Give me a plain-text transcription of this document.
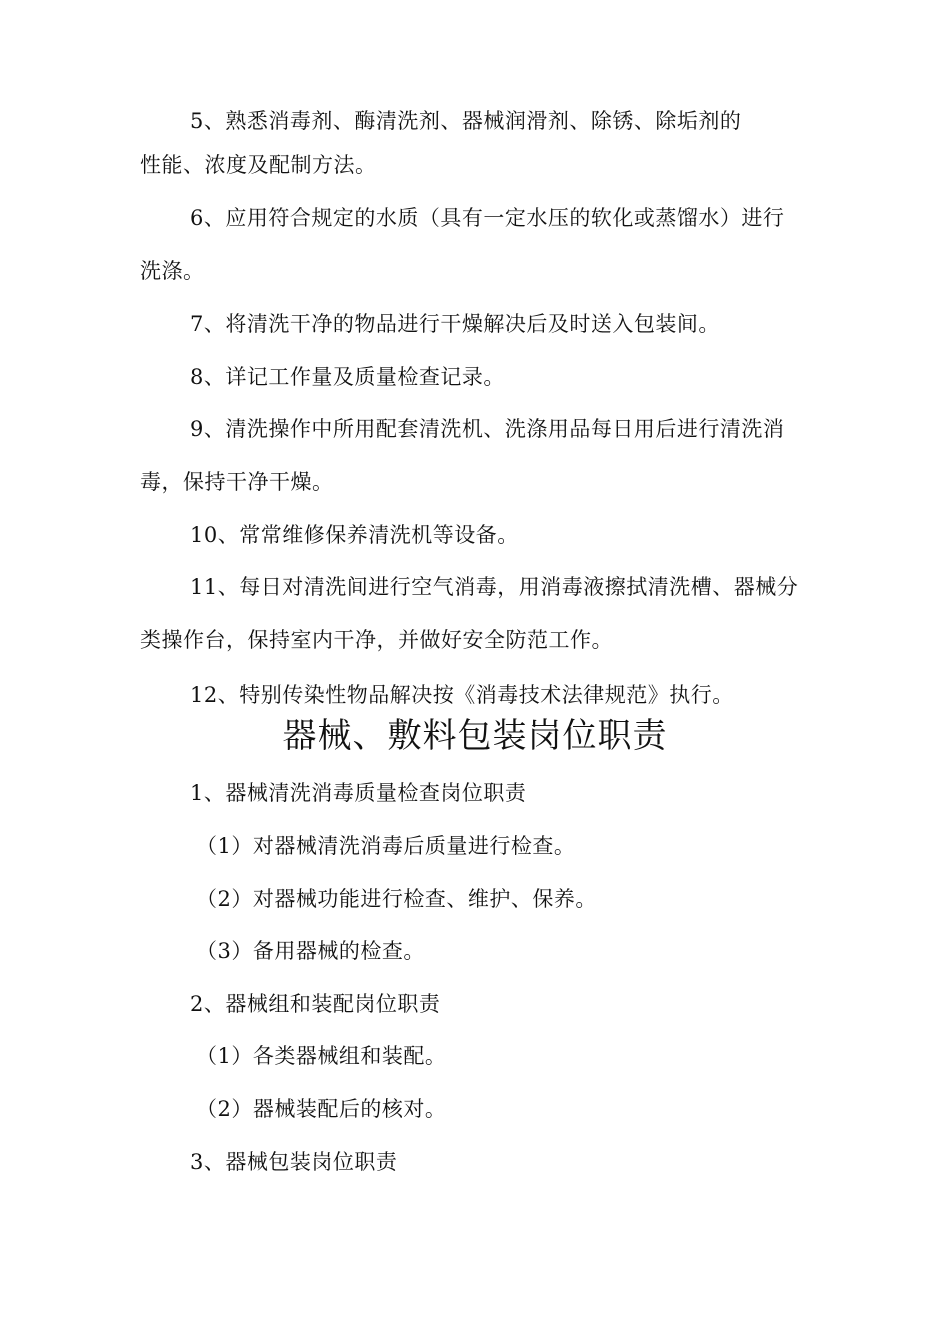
5、熟悉消毒剂、酶清洗剂、器械润滑剂、除锈、除垢剂的
性能、浓度及配制方法。
6、应用符合规定的水质（具有一定水压的软化或蒸馏水）进行
洗涤。
7、将清洗干净的物品进行干燥解决后及时送入包装间。
8、详记工作量及质量检查记录。
9、清洗操作中所用配套清洗机、洗涤用品每日用后进行清洗消
毒，保持干净干燥。
10、常常维修保养清洗机等设备。
11、每日对清洗间进行空气消毒，用消毒液擦拭清洗槽、器械分
类操作台，保持室内干净，并做好安全防范工作。
12、特别传染性物品解决按《消毒技术法律规范》执行。
器械、敷料包装岗位职责
1、器械清洗消毒质量检查岗位职责
（1）对器械清洗消毒后质量进行检查。
（2）对器械功能进行检查、维护、保养。
（3）备用器械的检查。
2、器械组和装配岗位职责
（1）各类器械组和装配。
（2）器械装配后的核对。
3、器械包装岗位职责
